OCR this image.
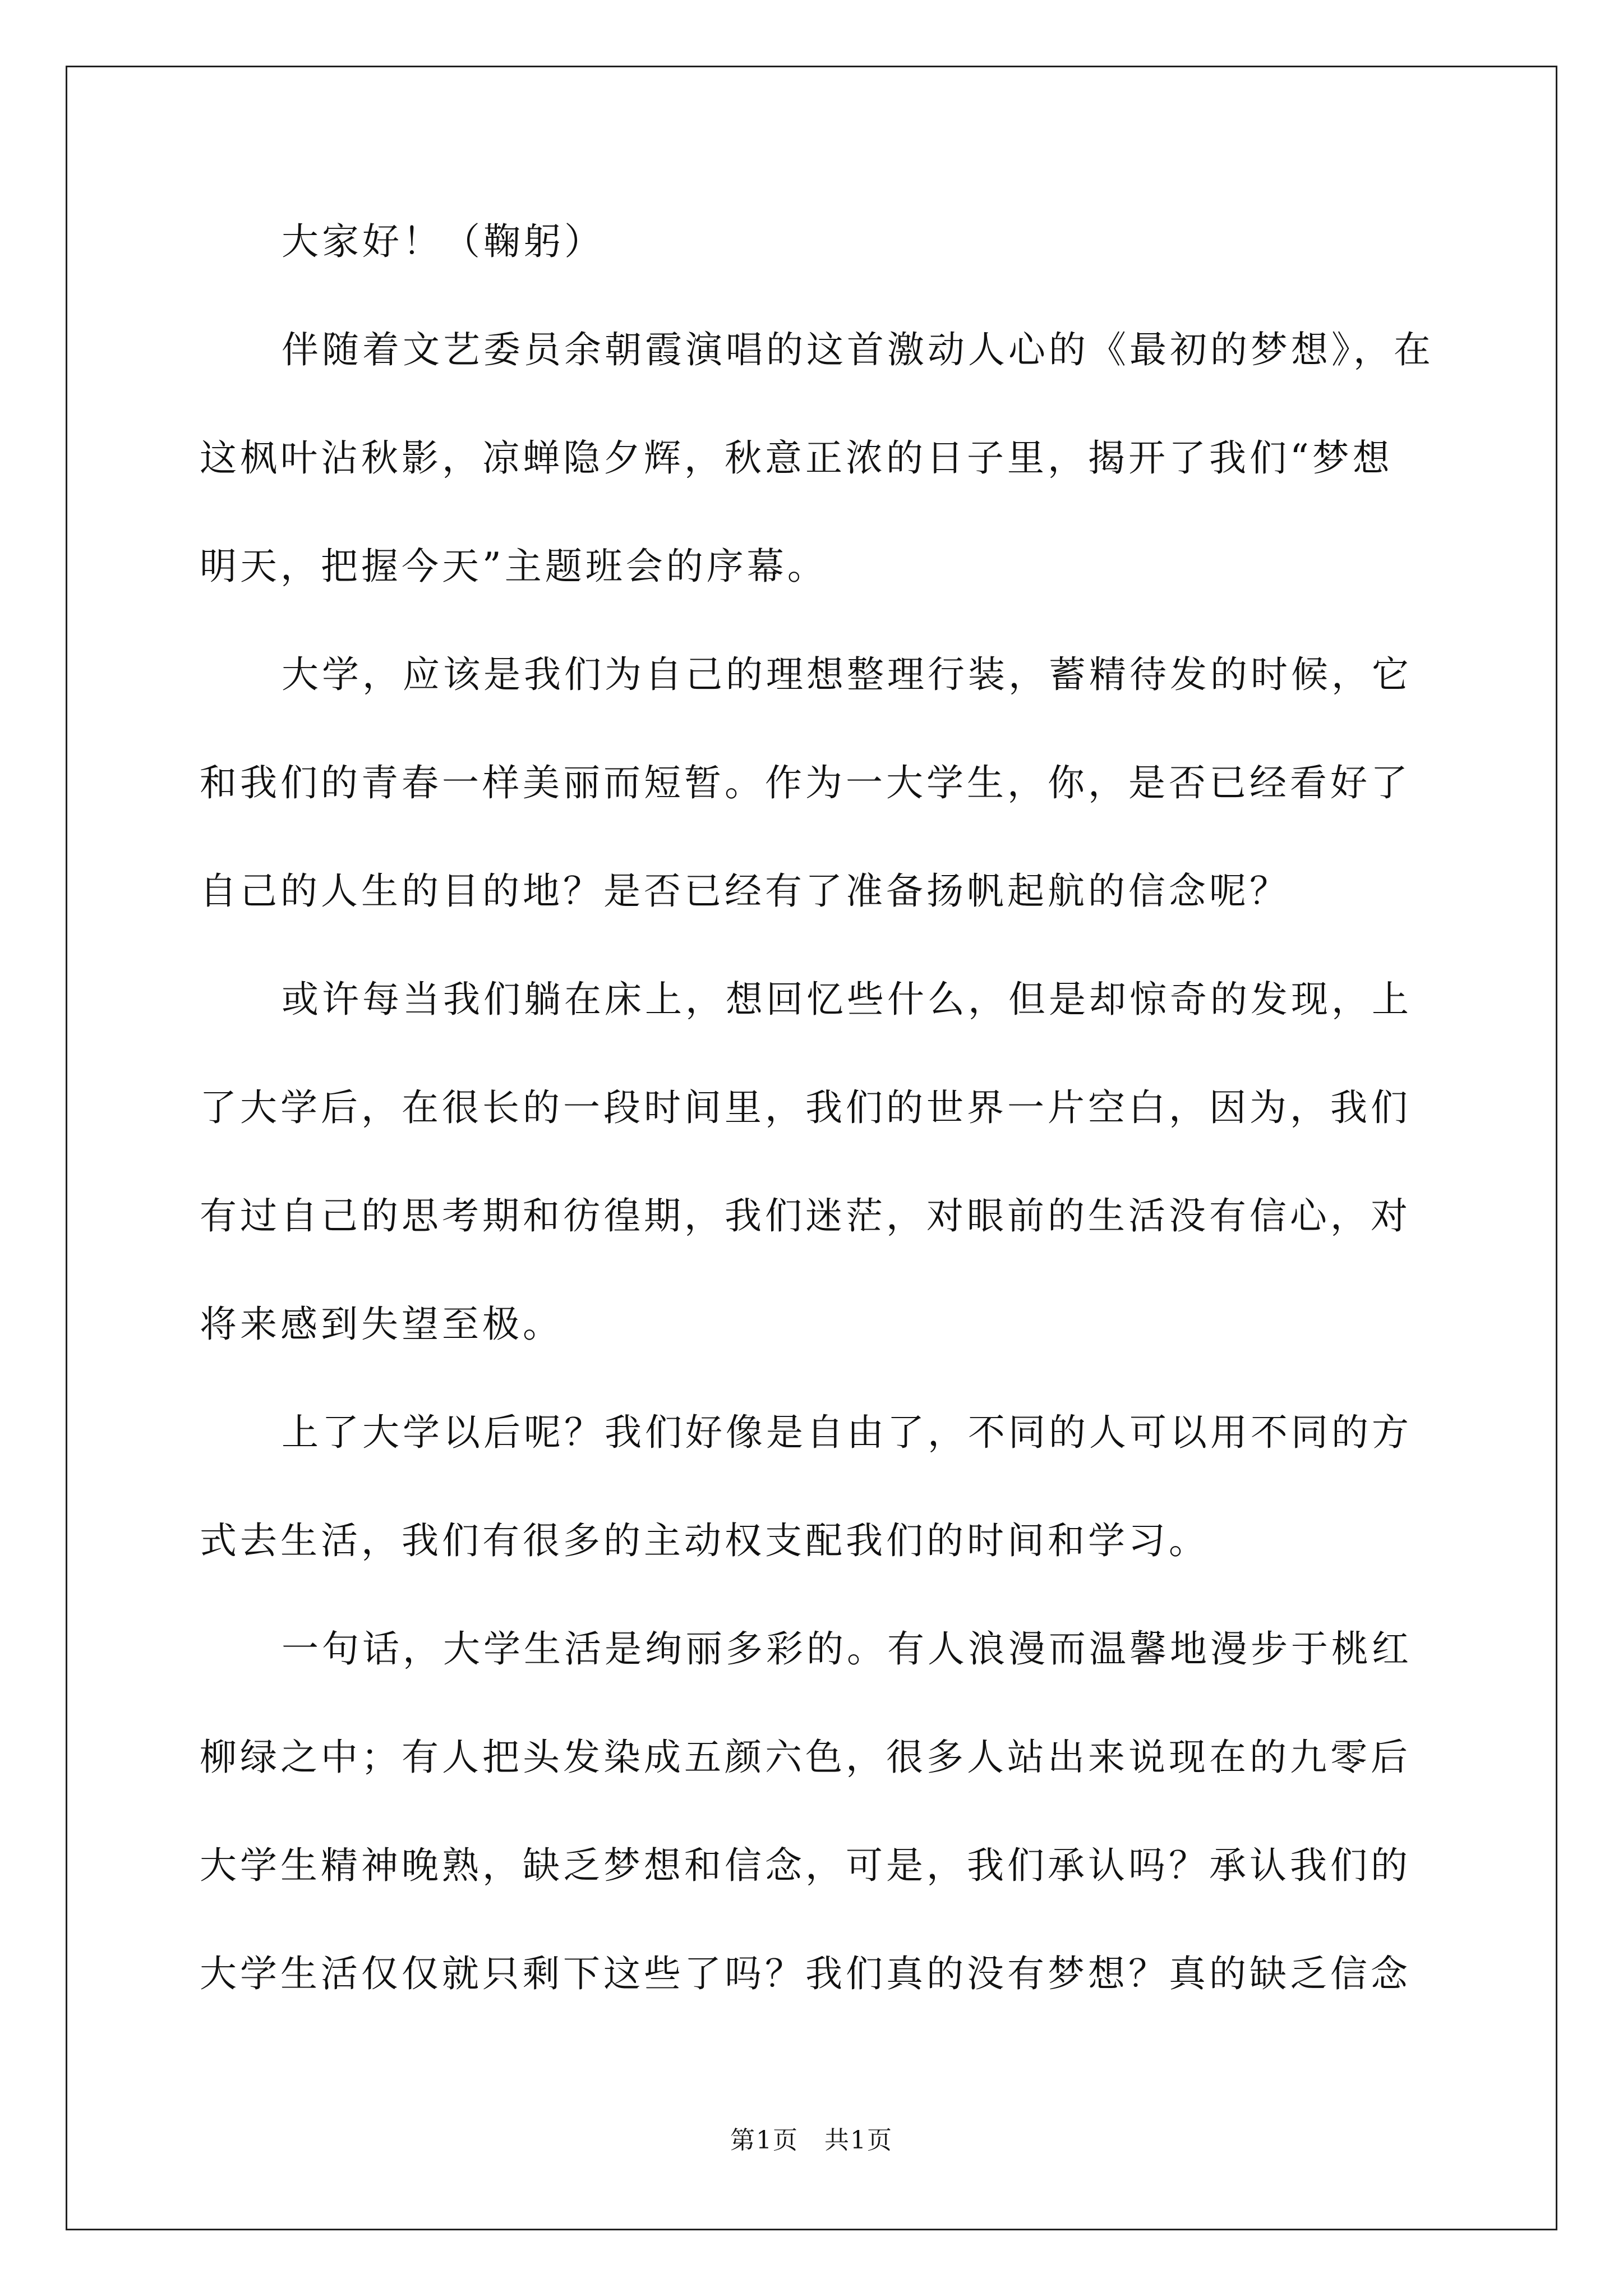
大家好！（鞠躬）
伴随着文艺委员余朝霞演唱的这首激动人心的《最初的梦想》，在
这枫叶沾秋影，凉蝉隐夕辉，秋意正浓的日子里，揭开了我们“梦想
明天，把握今天”主题班会的序幕。
大学，应该是我们为自己的理想整理行装，蓄精待发的时候，它
和我们的青春一样美丽而短暂。作为一大学生，你，是否已经看好了
自己的人生的目的地？是否已经有了准备扬帆起航的信念呢？
或许每当我们躺在床上，想回忆些什么，但是却惊奇的发现，上
了大学后，在很长的一段时间里，我们的世界一片空白，因为，我们
有过自己的思考期和彷徨期，我们迷茫，对眼前的生活没有信心，对
将来感到失望至极。
上了大学以后呢？我们好像是自由了，不同的人可以用不同的方
式去生活，我们有很多的主动权支配我们的时间和学习。
一句话，大学生活是绚丽多彩的。有人浪漫而温馨地漫步于桃红
柳绿之中；有人把头发染成五颜六色，很多人站出来说现在的九零后
大学生精神晚熟，缺乏梦想和信念，可是，我们承认吗？承认我们的
大学生活仅仅就只剩下这些了吗？我们真的没有梦想？真的缺乏信念
第1页　共1页
